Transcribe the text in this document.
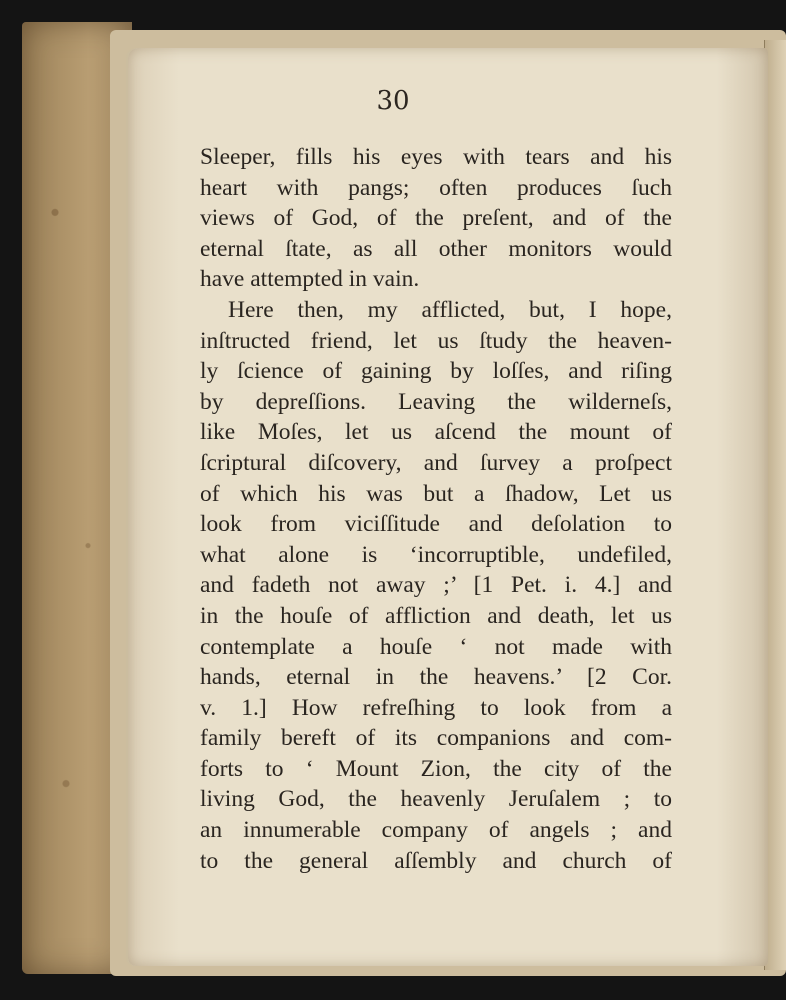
30
Sleeper, fills his eyes with tears and his
heart with pangs; often produces ſuch
views of God, of the preſent, and of the
eternal ſtate, as all other monitors would
have attempted in vain.
Here then, my afflicted, but, I hope,
inſtructed friend, let us ſtudy the heaven-
ly ſcience of gaining by loſſes, and riſing
by depreſſions. Leaving the wilderneſs,
like Moſes, let us aſcend the mount of
ſcriptural diſcovery, and ſurvey a proſpect
of which his was but a ſhadow, Let us
look from viciſſitude and deſolation to
what alone is ‘incorruptible, undefiled,
and fadeth not away ;’ [1 Pet. i. 4.] and
in the houſe of affliction and death, let us
contemplate a houſe ‘ not made with
hands, eternal in the heavens.’ [2 Cor.
v. 1.] How refreſhing to look from a
family bereft of its companions and com-
forts to ‘ Mount Zion, the city of the
living God, the heavenly Jeruſalem ; to
an innumerable company of angels ; and
to the general aſſembly and church of
